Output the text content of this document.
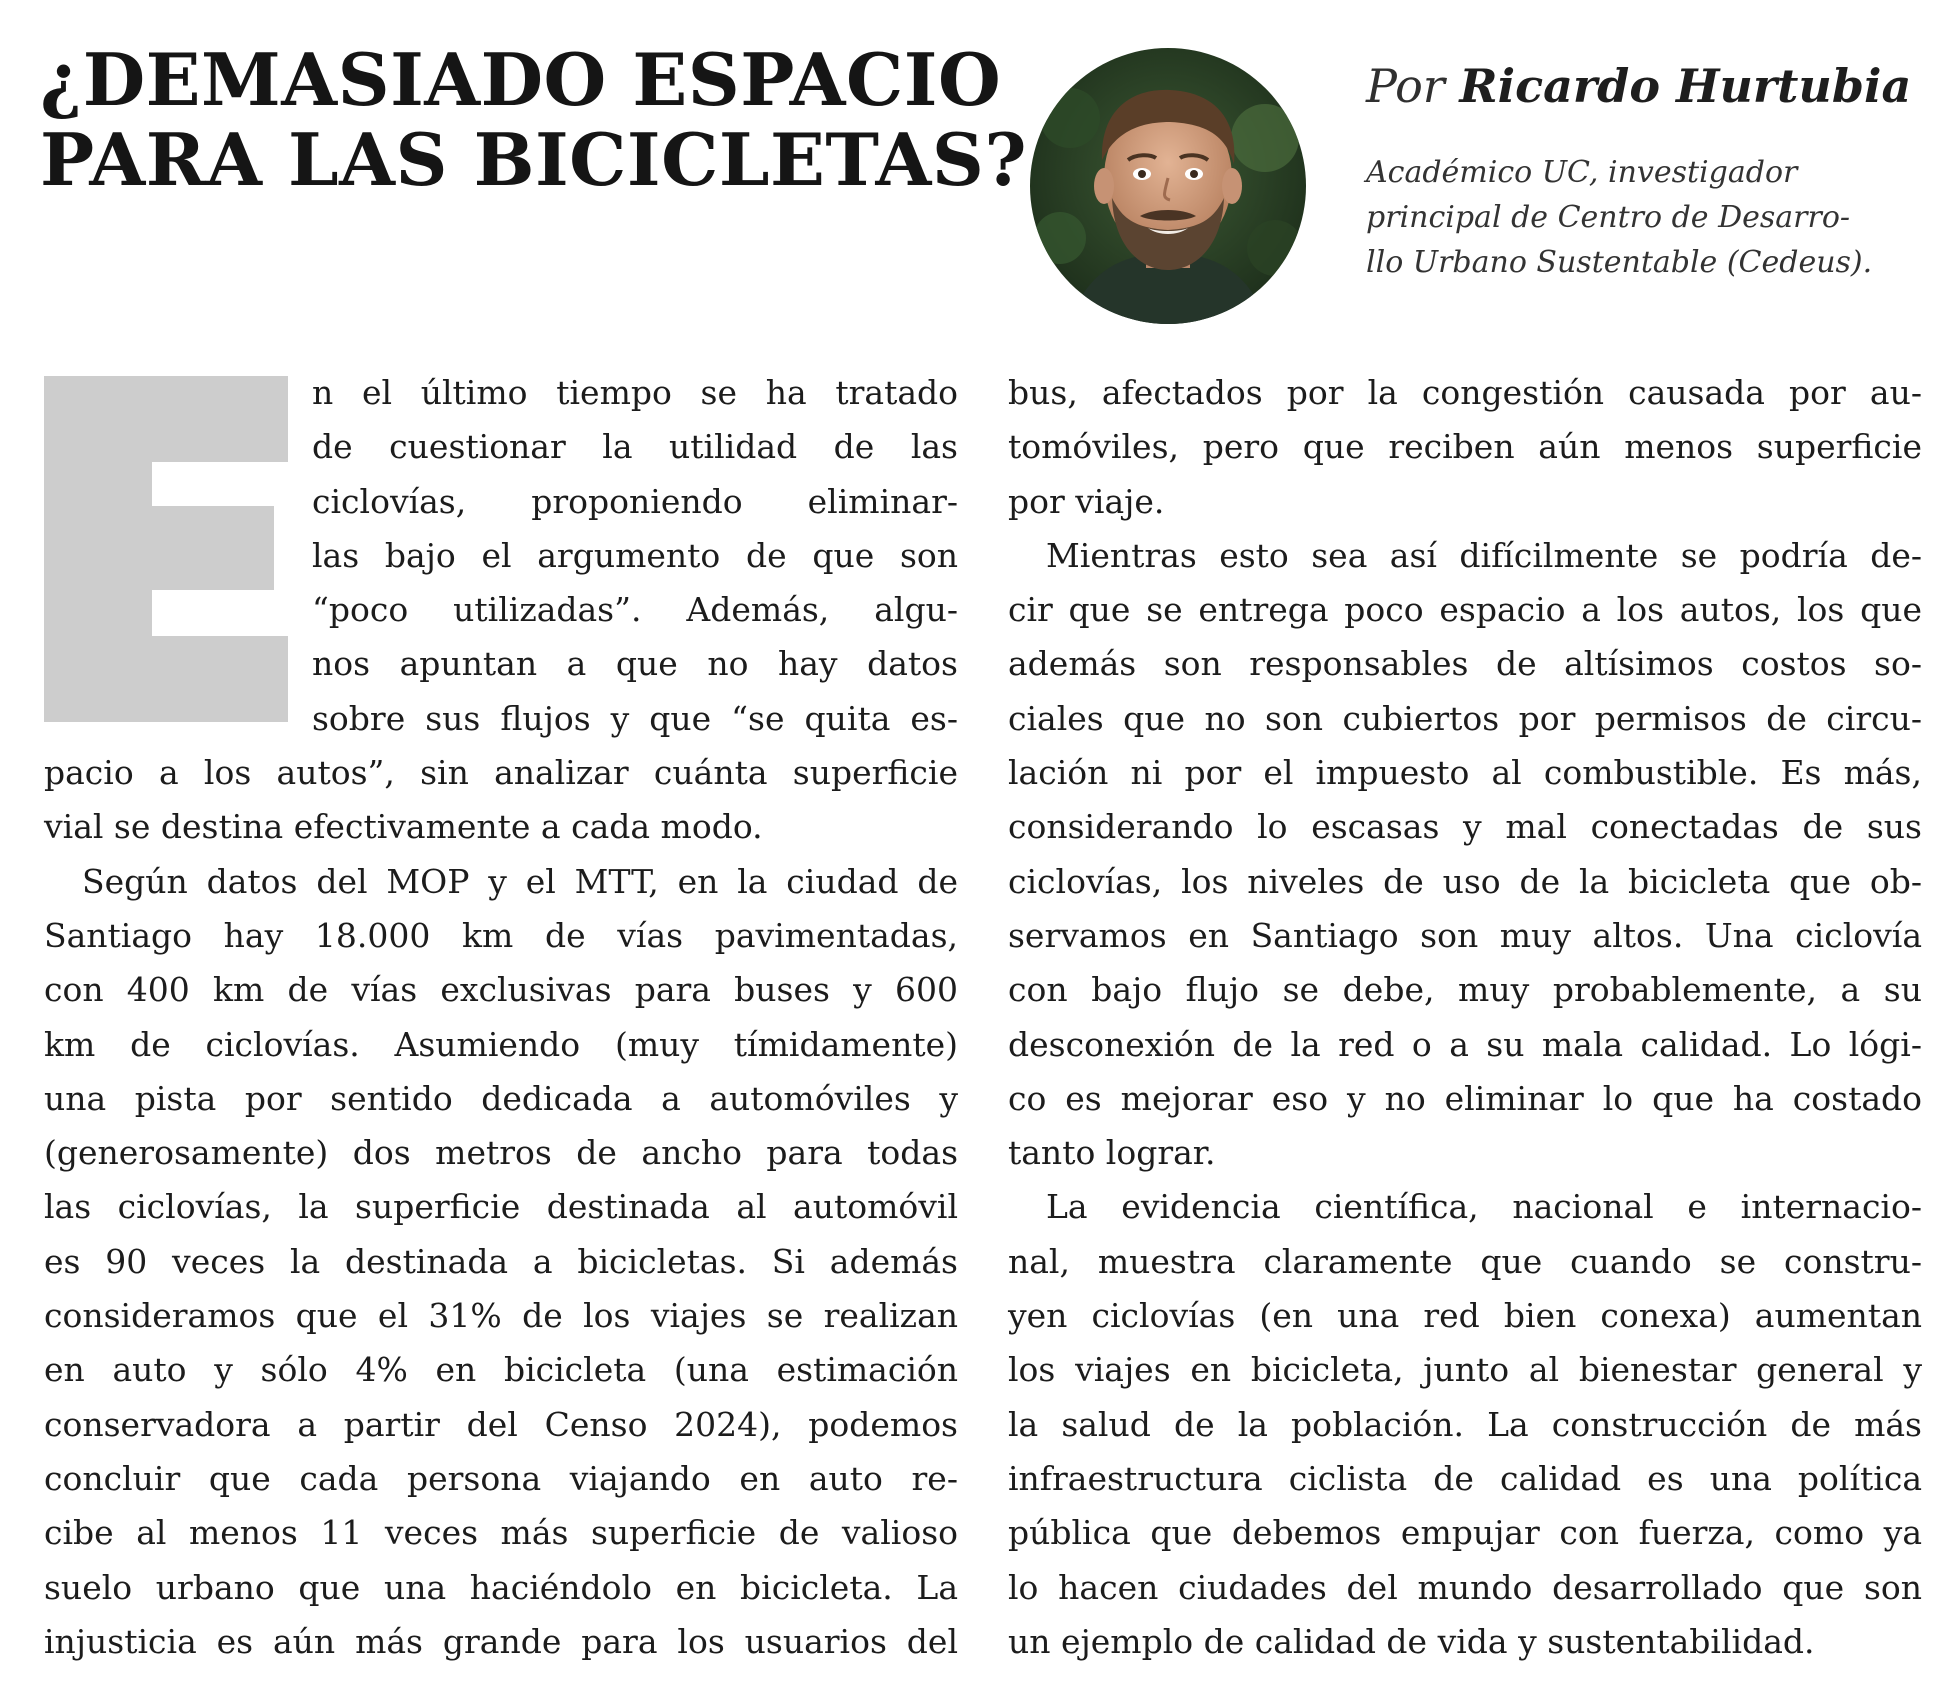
¿DEMASIADO ESPACIO
PARA LAS BICICLETAS?

Por Ricardo Hurtubia

Académico UC, investigador
principal de Centro de Desarro-
llo Urbano Sustentable (Cedeus).

n el último tiempo se ha tratado
de cuestionar la utilidad de las
ciclovías, proponiendo eliminar-
las bajo el argumento de que son
“poco utilizadas”. Además, algu-
nos apuntan a que no hay datos
sobre sus flujos y que “se quita es-
pacio a los autos”, sin analizar cuánta superficie
vial se destina efectivamente a cada modo.
Según datos del MOP y el MTT, en la ciudad de
Santiago hay 18.000 km de vías pavimentadas,
con 400 km de vías exclusivas para buses y 600
km de ciclovías. Asumiendo (muy tímidamente)
una pista por sentido dedicada a automóviles y
(generosamente) dos metros de ancho para todas
las ciclovías, la superficie destinada al automóvil
es 90 veces la destinada a bicicletas. Si además
consideramos que el 31% de los viajes se realizan
en auto y sólo 4% en bicicleta (una estimación
conservadora a partir del Censo 2024), podemos
concluir que cada persona viajando en auto re-
cibe al menos 11 veces más superficie de valioso
suelo urbano que una haciéndolo en bicicleta. La
injusticia es aún más grande para los usuarios del
bus, afectados por la congestión causada por au-
tomóviles, pero que reciben aún menos superficie
por viaje.
Mientras esto sea así difícilmente se podría de-
cir que se entrega poco espacio a los autos, los que
además son responsables de altísimos costos so-
ciales que no son cubiertos por permisos de circu-
lación ni por el impuesto al combustible. Es más,
considerando lo escasas y mal conectadas de sus
ciclovías, los niveles de uso de la bicicleta que ob-
servamos en Santiago son muy altos. Una ciclovía
con bajo flujo se debe, muy probablemente, a su
desconexión de la red o a su mala calidad. Lo lógi-
co es mejorar eso y no eliminar lo que ha costado
tanto lograr.
La evidencia científica, nacional e internacio-
nal, muestra claramente que cuando se constru-
yen ciclovías (en una red bien conexa) aumentan
los viajes en bicicleta, junto al bienestar general y
la salud de la población. La construcción de más
infraestructura ciclista de calidad es una política
pública que debemos empujar con fuerza, como ya
lo hacen ciudades del mundo desarrollado que son
un ejemplo de calidad de vida y sustentabilidad.
